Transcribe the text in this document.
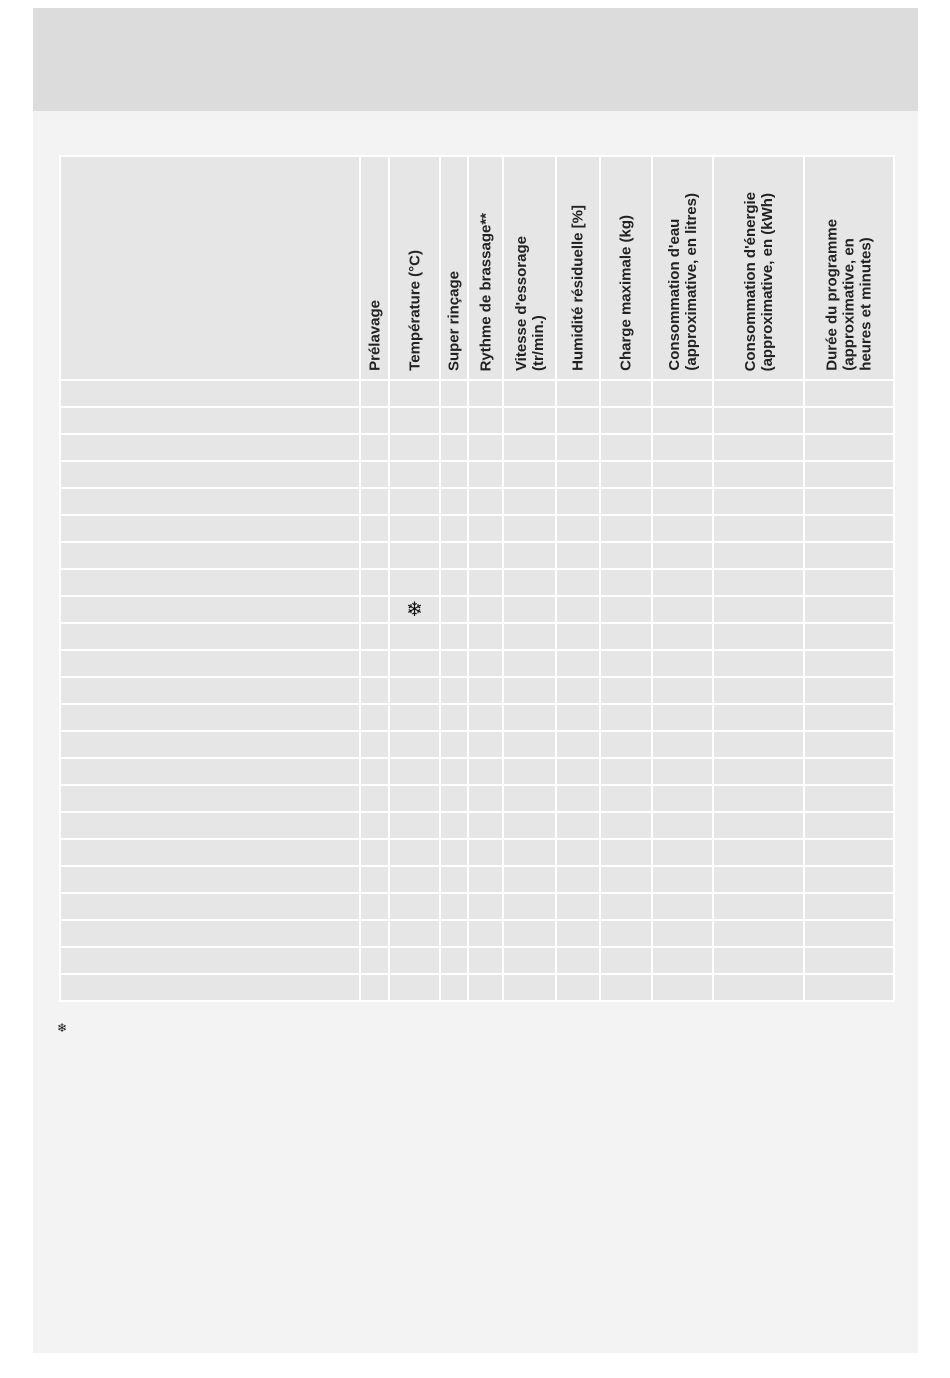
	Prélavage	Température (°C)	Super rinçage	Rythme de brassage**	Vitesse d'essorage
(tr/min.)	Humidité résiduelle [%]	Charge maximale (kg)	Consommation d'eau
(approximative, en litres)	Consommation d'énergie
(approximative, en (kWh)	Durée du programme
(approximative, en
heures et minutes)

		❄								

❄
